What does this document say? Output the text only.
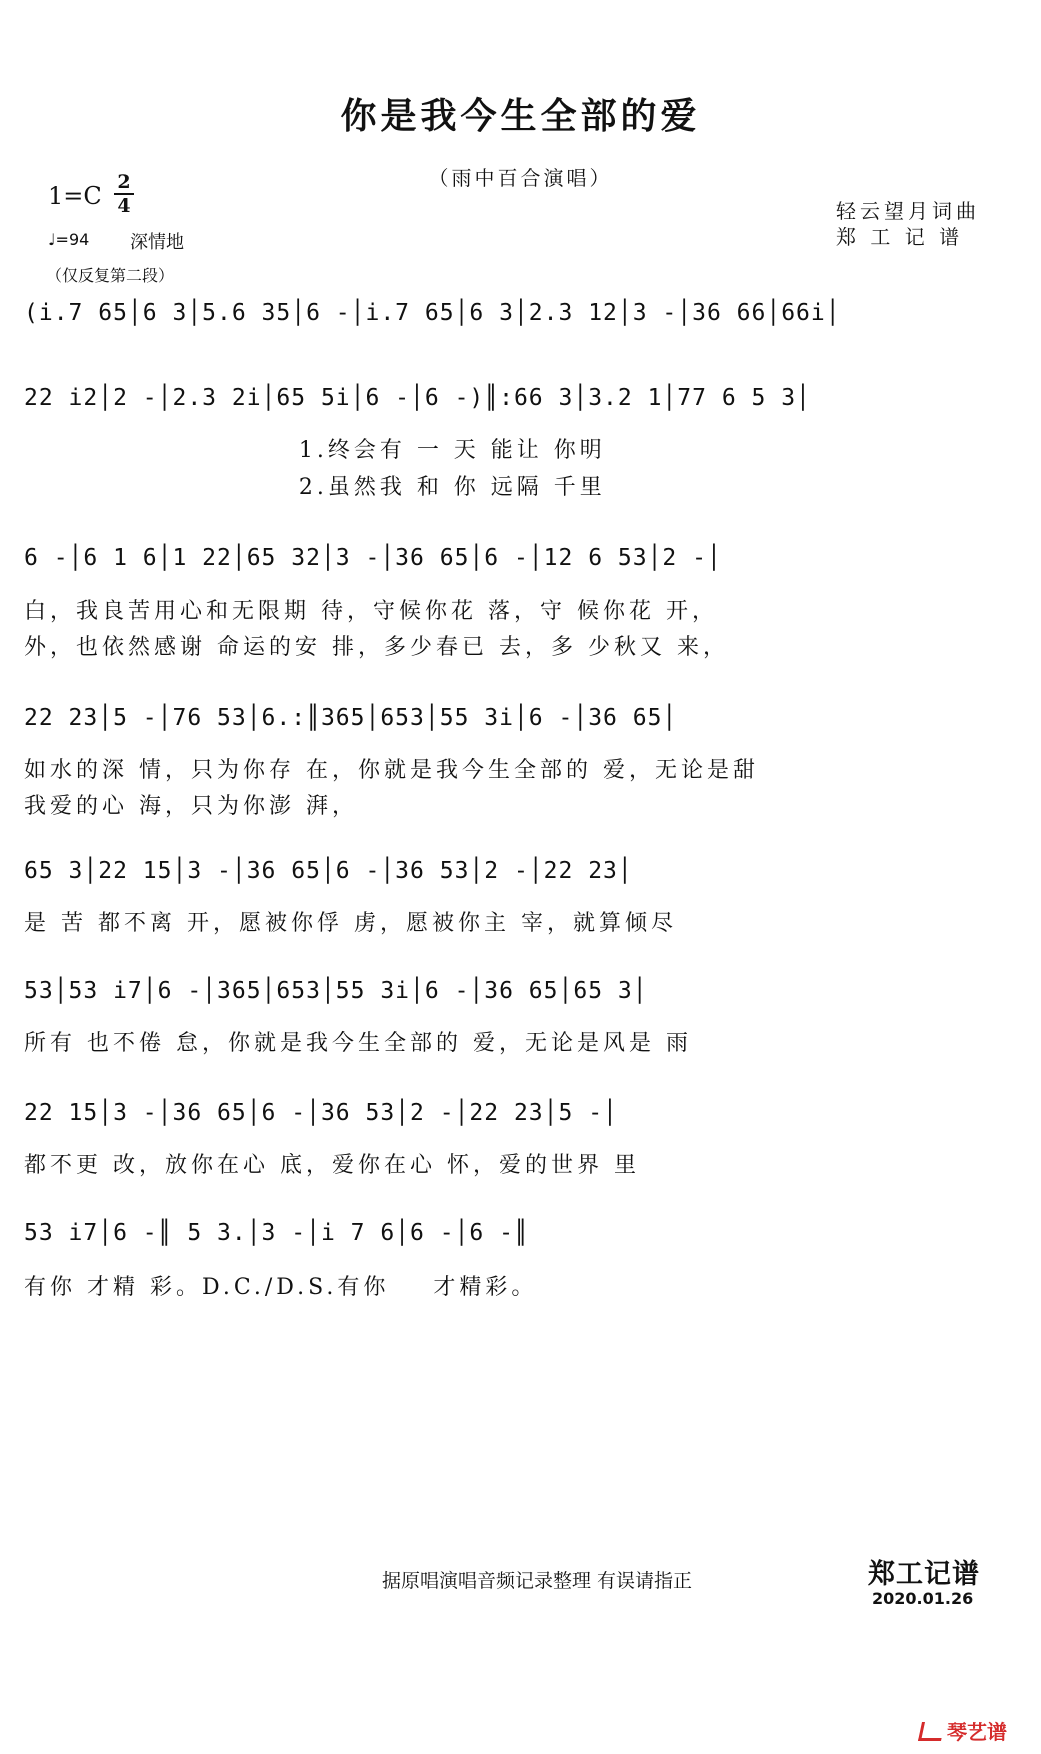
你是我今生全部的爱
（雨中百合演唱）
1=C 2
4
♩=94 深情地
（仅反复第二段）
轻云望月词曲
郑 工 记 谱
(i.7 65│6 3│5.6 35│6 -│i.7 65│6 3│2.3 12│3 -│36 66│66i│
22 i2│2 -│2.3 2i│65 5i│6 -│6 -)║:66 3│3.2 1│77 6 5 3│
1.终会有 一 天 能让 你明
2.虽然我 和 你 远隔 千里
6 -│6 1 6│1 22│65 32│3 -│36 65│6 -│12 6 53│2 -│
白，我良苦用心和无限期 待，守候你花 落，守 候你花 开，
外，也依然感谢 命运的安 排，多少春已 去，多 少秋又 来，
22 23│5 -│76 53│6.:║365│653│55 3i│6 -│36 65│
如水的深 情，只为你存 在，你就是我今生全部的 爱，无论是甜
我爱的心 海，只为你澎 湃，
65 3│22 15│3 -│36 65│6 -│36 53│2 -│22 23│
是 苦 都不离 开，愿被你俘 虏，愿被你主 宰，就算倾尽
53│53 i7│6 -│365│653│55 3i│6 -│36 65│65 3│
所有 也不倦 怠，你就是我今生全部的 爱，无论是风是 雨
22 15│3 -│36 65│6 -│36 53│2 -│22 23│5 -│
都不更 改，放你在心 底，爱你在心 怀，爱的世界 里
53 i7│6 -║ 5 3.│3 -│i 7 6│6 -│6 -║
有你 才精 彩。D.C./D.S.有你    才精彩。
据原唱演唱音频记录整理 有误请指正	郑工记谱
2020.01.26
琴艺谱
